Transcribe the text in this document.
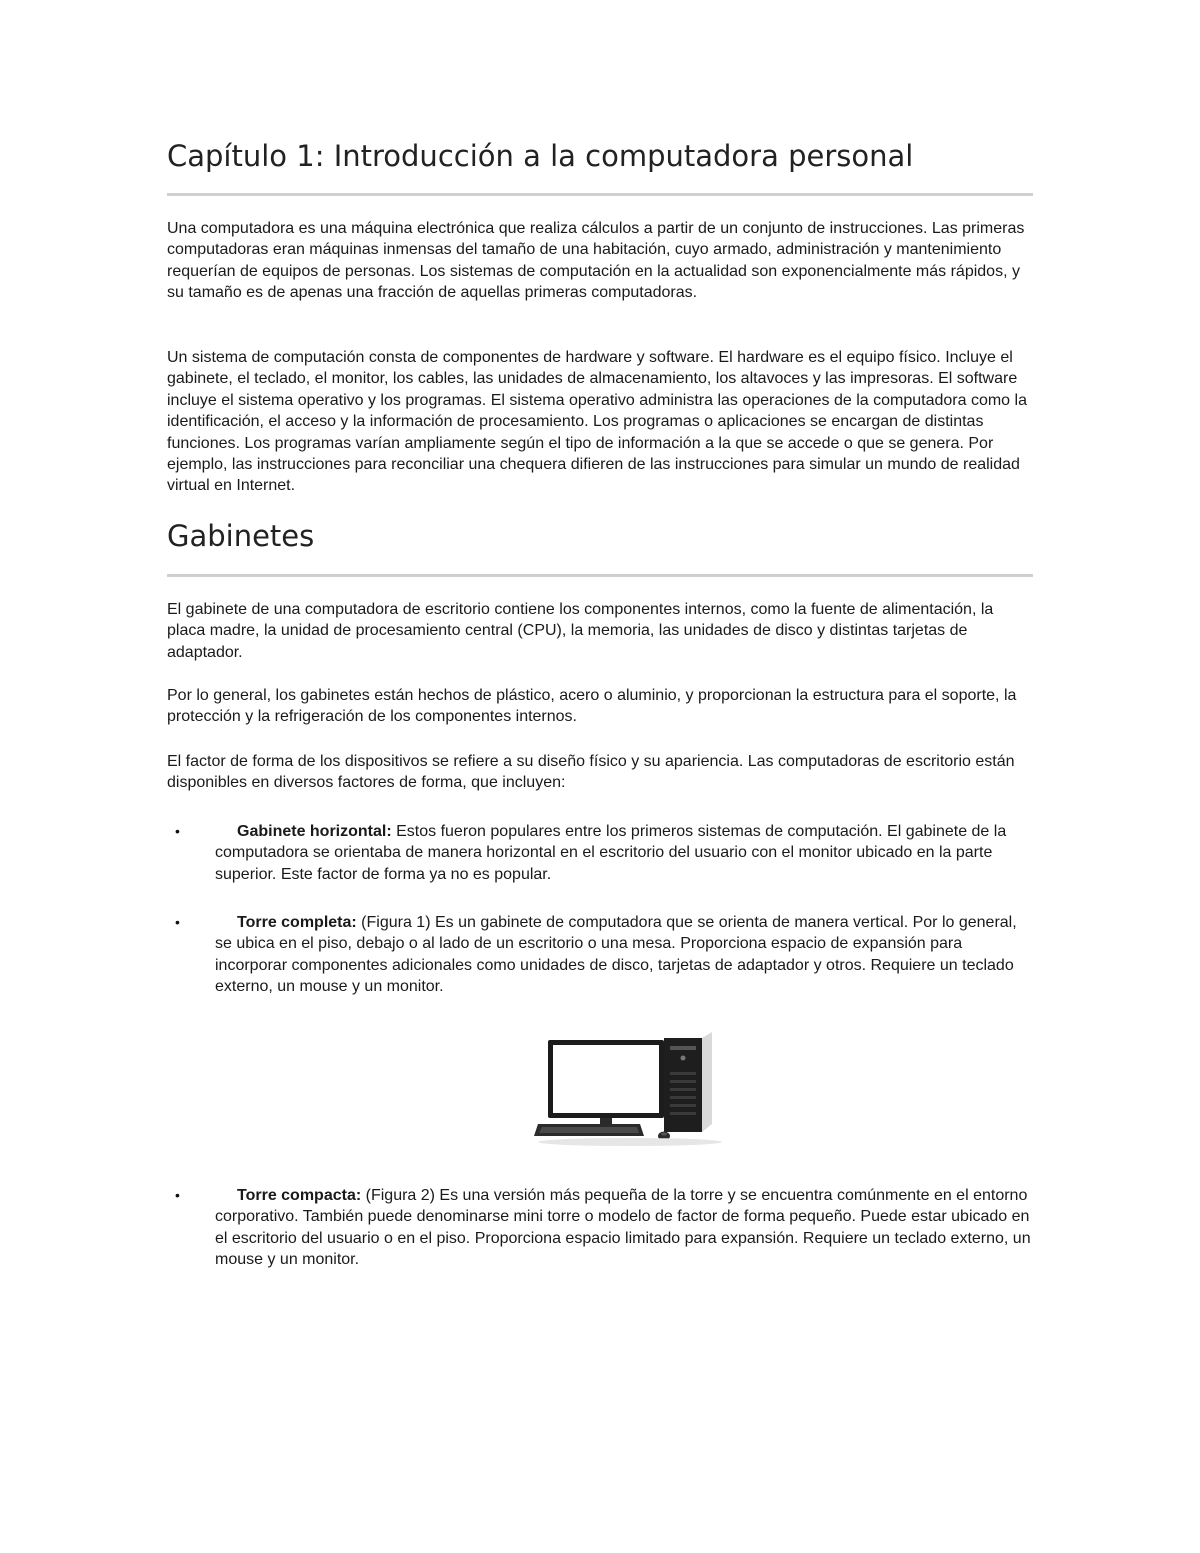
Capítulo 1: Introducción a la computadora personal

Una computadora es una máquina electrónica que realiza cálculos a partir de un conjunto de instrucciones. Las primeras computadoras eran máquinas inmensas del tamaño de una habitación, cuyo armado, administración y mantenimiento requerían de equipos de personas. Los sistemas de computación en la actualidad son exponencialmente más rápidos, y su tamaño es de apenas una fracción de aquellas primeras computadoras.

Un sistema de computación consta de componentes de hardware y software. El hardware es el equipo físico. Incluye el gabinete, el teclado, el monitor, los cables, las unidades de almacenamiento, los altavoces y las impresoras. El software incluye el sistema operativo y los programas. El sistema operativo administra las operaciones de la computadora como la identificación, el acceso y la información de procesamiento. Los programas o aplicaciones se encargan de distintas funciones. Los programas varían ampliamente según el tipo de información a la que se accede o que se genera. Por ejemplo, las instrucciones para reconciliar una chequera difieren de las instrucciones para simular un mundo de realidad virtual en Internet.

Gabinetes

El gabinete de una computadora de escritorio contiene los componentes internos, como la fuente de alimentación, la placa madre, la unidad de procesamiento central (CPU), la memoria, las unidades de disco y distintas tarjetas de adaptador.

Por lo general, los gabinetes están hechos de plástico, acero o aluminio, y proporcionan la estructura para el soporte, la protección y la refrigeración de los componentes internos.

El factor de forma de los dispositivos se refiere a su diseño físico y su apariencia. Las computadoras de escritorio están disponibles en diversos factores de forma, que incluyen:

•	Gabinete horizontal: Estos fueron populares entre los primeros sistemas de computación. El gabinete de la computadora se orientaba de manera horizontal en el escritorio del usuario con el monitor ubicado en la parte superior. Este factor de forma ya no es popular.

•	Torre completa: (Figura 1) Es un gabinete de computadora que se orienta de manera vertical. Por lo general, se ubica en el piso, debajo o al lado de un escritorio o una mesa. Proporciona espacio de expansión para incorporar componentes adicionales como unidades de disco, tarjetas de adaptador y otros. Requiere un teclado externo, un mouse y un monitor.

•	Torre compacta: (Figura 2) Es una versión más pequeña de la torre y se encuentra comúnmente en el entorno corporativo. También puede denominarse mini torre o modelo de factor de forma pequeño. Puede estar ubicado en el escritorio del usuario o en el piso. Proporciona espacio limitado para expansión. Requiere un teclado externo, un mouse y un monitor.
